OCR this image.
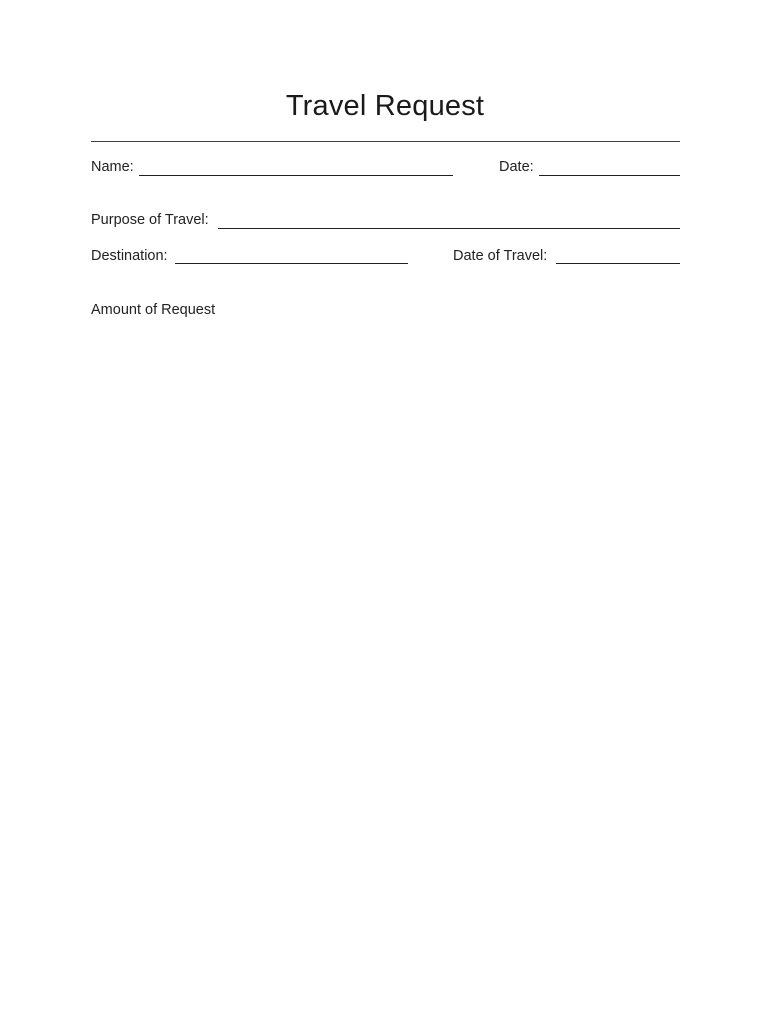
Travel Request
Name:	Date:
Purpose of Travel:
Destination:	Date of Travel:
Amount of Request
